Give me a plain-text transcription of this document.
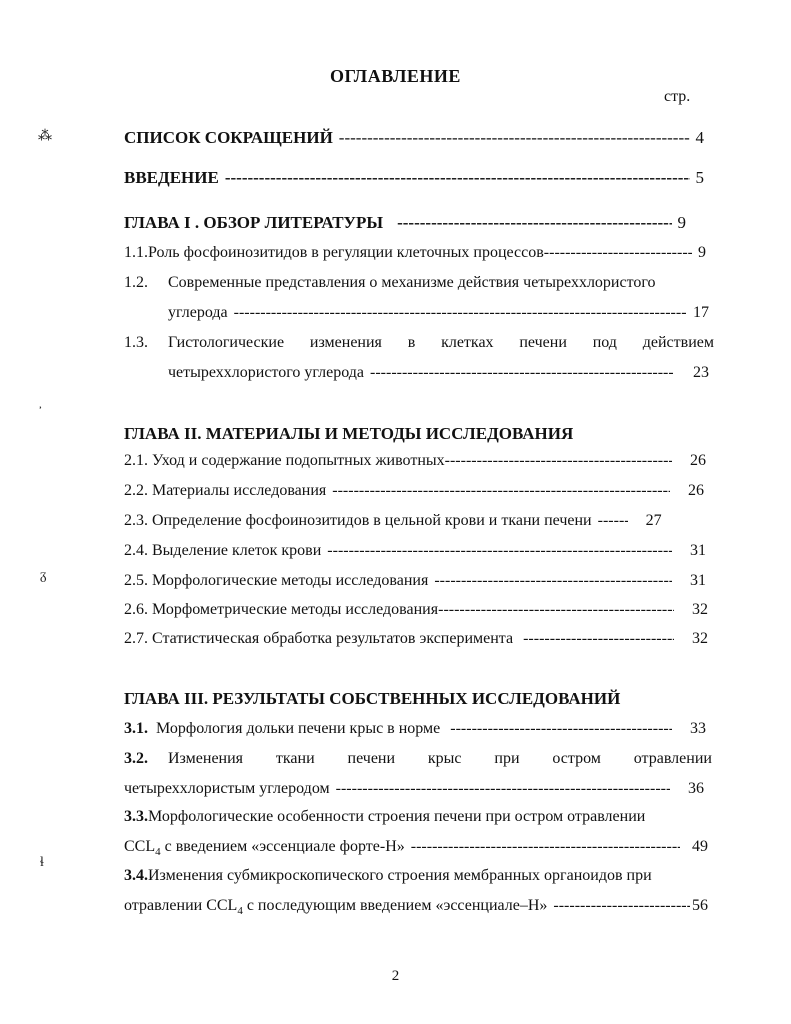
ОГЛАВЛЕНИЕ
стр.
⁂
᾿
ᵹ
ɬ
СПИСОК СОКРАЩЕНИЙ -----	4
ВВЕДЕНИЕ -----	5
ГЛАВА I . ОБЗОР ЛИТЕРАТУРЫ -----	9
1.1. Роль фосфоинозитидов в регуляции клеточных процессов -----	9
1.2.	Современные представления о механизме действия четыреххлористого
углерода -----	17
1.3.	Гистологические изменения в клетках печени под действием
четыреххлористого углерода -----	23
ГЛАВА II. МАТЕРИАЛЫ И МЕТОДЫ ИССЛЕДОВАНИЯ
2.1. Уход и содержание подопытных животных -----	26
2.2. Материалы исследования -----	26
2.3. Определение фосфоинозитидов в цельной крови и ткани печени -----	27
2.4. Выделение клеток крови -----	31
2.5. Морфологические методы исследования -----	31
2.6. Морфометрические методы исследования -----	32
2.7. Статистическая обработка результатов эксперимента -----	32
ГЛАВА III. РЕЗУЛЬТАТЫ СОБСТВЕННЫХ ИССЛЕДОВАНИЙ
3.1. Морфология дольки печени крыс в норме -----	33
3.2. Изменения ткани печени крыс при остром отравлении
четыреххлористым углеродом -----	36
3.3. Морфологические особенности строения печени при остром отравлении
$CCL_4$ с введением «эссенциале форте-Н» -----	49
3.4. Изменения субмикроскопического строения мембранных органоидов при
отравлении $CCL_4$ с последующим введением «эссенциале–Н» -----	56
2
